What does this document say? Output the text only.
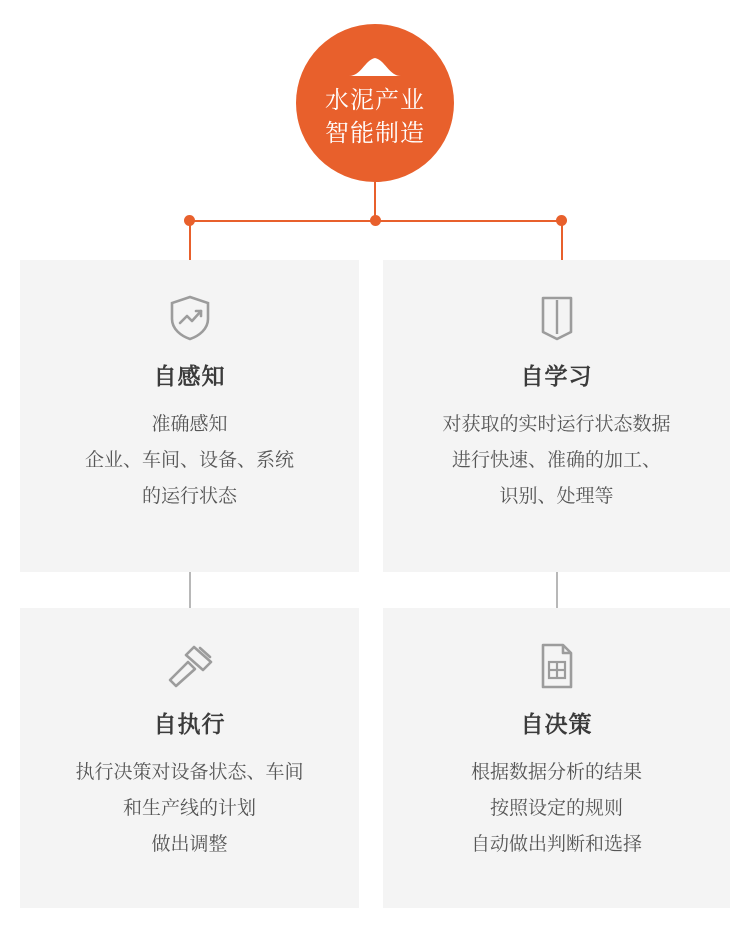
水泥产业
智能制造
自感知
准确感知
企业、车间、设备、系统
的运行状态
自学习
对获取的实时运行状态数据
进行快速、准确的加工、
识别、处理等
自执行
执行决策对设备状态、车间
和生产线的计划
做出调整
自决策
根据数据分析的结果
按照设定的规则
自动做出判断和选择
